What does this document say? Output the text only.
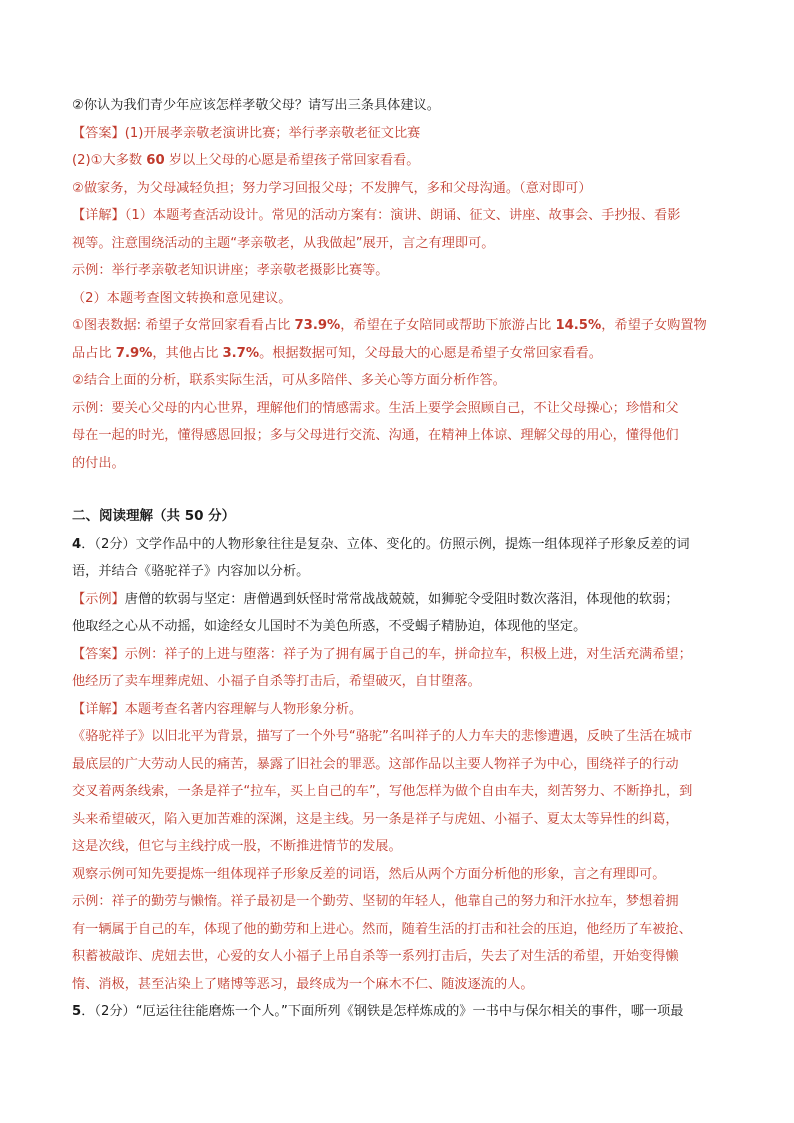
②你认为我们青少年应该怎样孝敬父母？请写出三条具体建议。
【答案】(1)开展孝亲敬老演讲比赛；举行孝亲敬老征文比赛
(2)①大多数 60 岁以上父母的心愿是希望孩子常回家看看。
②做家务，为父母减轻负担；努力学习回报父母；不发脾气，多和父母沟通。（意对即可）
【详解】（1）本题考查活动设计。常见的活动方案有：演讲、朗诵、征文、讲座、故事会、手抄报、看影
视等。注意围绕活动的主题“孝亲敬老，从我做起”展开，言之有理即可。
示例：举行孝亲敬老知识讲座；孝亲敬老摄影比赛等。
（2）本题考查图文转换和意见建议。
①图表数据: 希望子女常回家看看占比 73.9%，希望在子女陪同或帮助下旅游占比 14.5%，希望子女购置物
品占比 7.9%，其他占比 3.7%。根据数据可知，父母最大的心愿是希望子女常回家看看。
②结合上面的分析，联系实际生活，可从多陪伴、多关心等方面分析作答。
示例：要关心父母的内心世界，理解他们的情感需求。生活上要学会照顾自己，不让父母操心；珍惜和父
母在一起的时光，懂得感恩回报；多与父母进行交流、沟通，在精神上体谅、理解父母的用心，懂得他们
的付出。
二、阅读理解（共 50 分）
4．（2分）文学作品中的人物形象往往是复杂、立体、变化的。仿照示例，提炼一组体现祥子形象反差的词
语，并结合《骆驼祥子》内容加以分析。
【示例】唐僧的软弱与坚定：唐僧遇到妖怪时常常战战兢兢，如狮驼令受阻时数次落泪，体现他的软弱；
他取经之心从不动摇，如途经女儿国时不为美色所惑，不受蝎子精胁迫，体现他的坚定。
【答案】示例：祥子的上进与堕落：祥子为了拥有属于自己的车，拼命拉车，积极上进，对生活充满希望；
他经历了卖车埋葬虎妞、小福子自杀等打击后，希望破灭，自甘堕落。
【详解】本题考查名著内容理解与人物形象分析。
《骆驼祥子》以旧北平为背景，描写了一个外号“骆驼”名叫祥子的人力车夫的悲惨遭遇，反映了生活在城市
最底层的广大劳动人民的痛苦，暴露了旧社会的罪恶。这部作品以主要人物祥子为中心，围绕祥子的行动
交叉着两条线索，一条是祥子“拉车，买上自己的车”，写他怎样为做个自由车夫，刻苦努力、不断挣扎，到
头来希望破灭，陷入更加苦难的深渊，这是主线。另一条是祥子与虎妞、小福子、夏太太等异性的纠葛，
这是次线，但它与主线拧成一股，不断推进情节的发展。
观察示例可知先要提炼一组体现祥子形象反差的词语，然后从两个方面分析他的形象，言之有理即可。
示例：祥子的勤劳与懒惰。祥子最初是一个勤劳、坚韧的年轻人，他靠自己的努力和汗水拉车，梦想着拥
有一辆属于自己的车，体现了他的勤劳和上进心。然而，随着生活的打击和社会的压迫，他经历了车被抢、
积蓄被敲诈、虎妞去世，心爱的女人小福子上吊自杀等一系列打击后，失去了对生活的希望，开始变得懒
惰、消极，甚至沾染上了赌博等恶习，最终成为一个麻木不仁、随波逐流的人。
5．（2分）“厄运往往能磨炼一个人。”下面所列《钢铁是怎样炼成的》一书中与保尔相关的事件，哪一项最
